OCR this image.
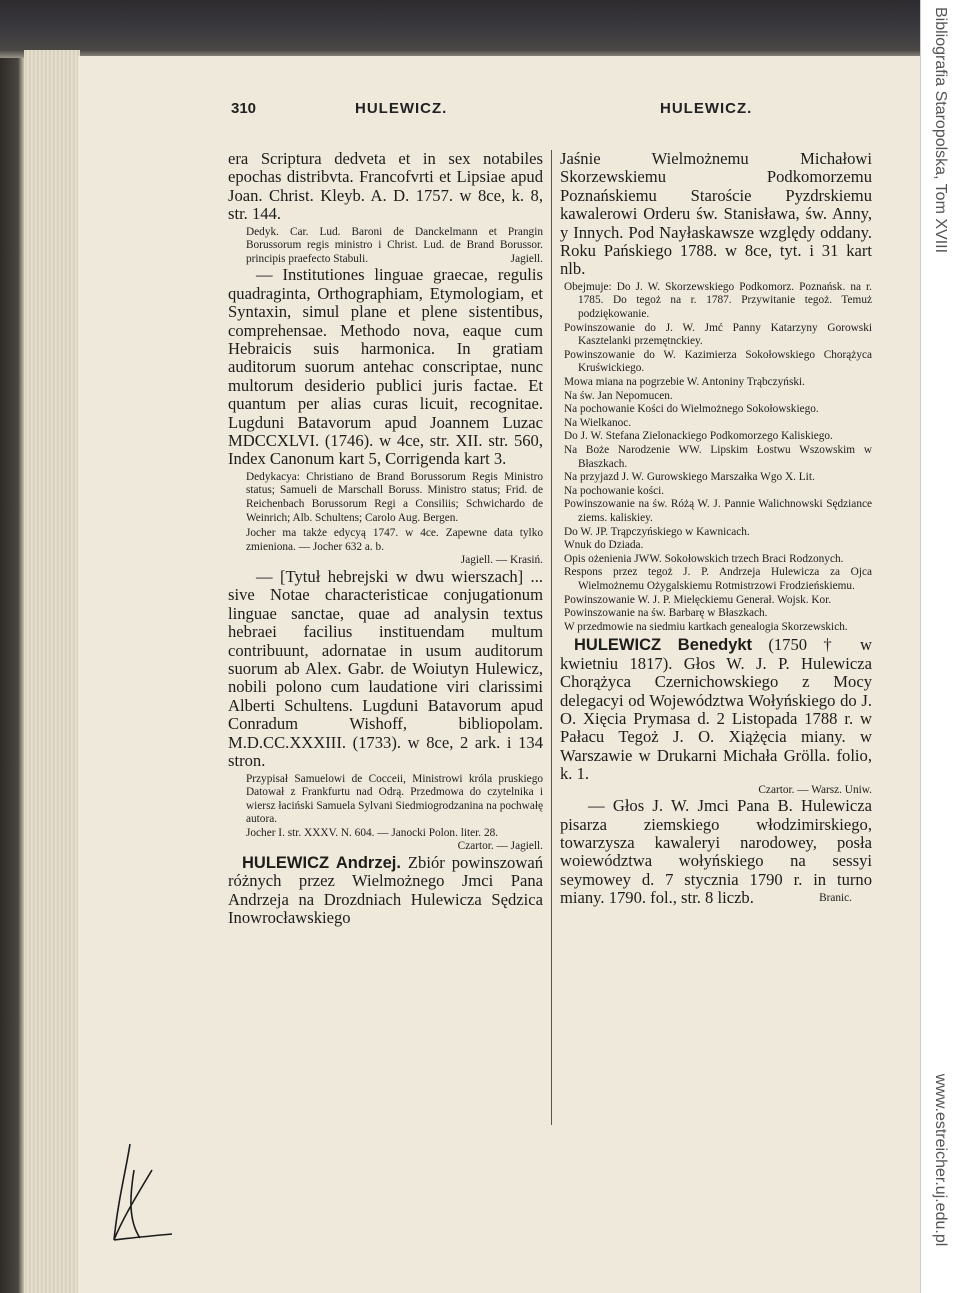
310	HULEWICZ.	HULEWICZ.

era Scriptura dedveta et in sex notabiles epochas distribvta. Francofvrti et Lipsiae apud Joan. Christ. Kleyb. A. D. 1757. w 8ce, k. 8, str. 144.

Dedyk. Car. Lud. Baroni de Danckelmann et Prangin Borussorum regis ministro i Christ. Lud. de Brand Borussor. principis praefecto Stabuli.	Jagiell.

— Institutiones linguae graecae, regulis quadraginta, Orthographiam, Etymologiam, et Syntaxin, simul plane et plene sistentibus, comprehensae. Methodo nova, eaque cum Hebraicis suis harmonica. In gratiam auditorum suorum antehac conscriptae, nunc multorum desiderio publici juris factae. Et quantum per alias curas licuit, recognitae. Lugduni Batavorum apud Joannem Luzac MDCCXLVI. (1746). w 4ce, str. XII. str. 560, Index Canonum kart 5, Corrigenda kart 3.

Dedykacya: Christiano de Brand Borussorum Regis Ministro status; Samueli de Marschall Boruss. Ministro status; Frid. de Reichenbach Borussorum Regi a Consiliis; Schwichardo de Weinrich; Alb. Schultens; Carolo Aug. Bergen.

Jocher ma także edycyą 1747. w 4ce. Zapewne data tylko zmieniona. — Jocher 632 a. b.
Jagiell. — Krasiń.

— [Tytuł hebrejski w dwu wierszach] ... sive Notae characteristicae conjugationum linguae sanctae, quae ad analysin textus hebraei facilius instituendam multum contribuunt, adornatae in usum auditorum suorum ab Alex. Gabr. de Woiutyn Hulewicz, nobili polono cum laudatione viri clarissimi Alberti Schultens. Lugduni Batavorum apud Conradum Wishoff, bibliopolam. M.D.CC.XXXIII. (1733). w 8ce, 2 ark. i 134 stron.

Przypisał Samuelowi de Cocceii, Ministrowi króla pruskiego Datował z Frankfurtu nad Odrą. Przedmowa do czytelnika i wiersz łaciński Samuela Sylvani Siedmiogrodzanina na pochwałę autora.

Jocher I. str. XXXV. N. 604. — Janocki Polon. liter. 28.

Czartor. — Jagiell.

HULEWICZ Andrzej. Zbiór powinszowań różnych przez Wielmożnego Jmci Pana Andrzeja na Drozdniach Hulewicza Sędzica Inowrocławskiego

Jaśnie Wielmożnemu Michałowi Skorzewskiemu Podkomorzemu Poznańskiemu Staroście Pyzdrskiemu kawalerowi Orderu św. Stanisława, św. Anny, y Innych. Pod Nayłaskawsze względy oddany. Roku Pańskiego 1788. w 8ce, tyt. i 31 kart nlb.

Obejmuje: Do J. W. Skorzewskiego Podkomorz. Poznańsk. na r. 1785. Do tegoż na r. 1787. Przywitanie tegoż. Temuż podziękowanie.

Powinszowanie do J. W. Jmć Panny Katarzyny Gorowski Kasztelanki przemętnckiey.

Powinszowanie do W. Kazimierza Sokołowskiego Chorążyca Kruświckiego.

Mowa miana na pogrzebie W. Antoniny Trąbczyński.

Na św. Jan Nepomucen.

Na pochowanie Kości do Wielmożnego Sokołowskiego.

Na Wielkanoc.

Do J. W. Stefana Zielonackiego Podkomorzego Kaliskiego.

Na Boże Narodzenie WW. Lipskim Łostwu Wszowskim w Błaszkach.

Na przyjazd J. W. Gurowskiego Marszałka Wgo X. Lit.

Na pochowanie kości.

Powinszowanie na św. Różą W. J. Pannie Walichnowski Sędziance ziems. kaliskiey.

Do W. JP. Trąpczyńskiego w Kawnicach.

Wnuk do Dziada.

Opis ożenienia JWW. Sokołowskich trzech Braci Rodzonych.

Respons przez tegoż J. P. Andrzeja Hulewicza za Ojca Wielmożnemu Ożygalskiemu Rotmistrzowi Frodzieńskiemu.

Powinszowanie W. J. P. Mielęckiemu Generał. Wojsk. Kor.

Powinszowanie na św. Barbarę w Błaszkach.

W przedmowie na siedmiu kartkach genealogia Skorzewskich.

HULEWICZ Benedykt (1750 † w kwietniu 1817). Głos W. J. P. Hulewicza Chorążyca Czernichowskiego z Mocy delegacyi od Województwa Wołyńskiego do J. O. Xięcia Prymasa d. 2 Listopada 1788 r. w Pałacu Tegoż J. O. Xiążęcia miany. w Warszawie w Drukarni Michała Grölla. folio, k. 1.

Czartor. — Warsz. Uniw.
— Głos J. W. Jmci Pana B. Hulewicza pisarza ziemskiego włodzimirskiego, towarzysza kawaleryi narodowey, posła woiewództwa wołyńskiego na sessyi seymowey d. 7 stycznia 1790 r. in turno miany. 1790. fol., str. 8 liczb.	Branic.
Bibliografia Staropolska, Tom XVIII
www.estreicher.uj.edu.pl
